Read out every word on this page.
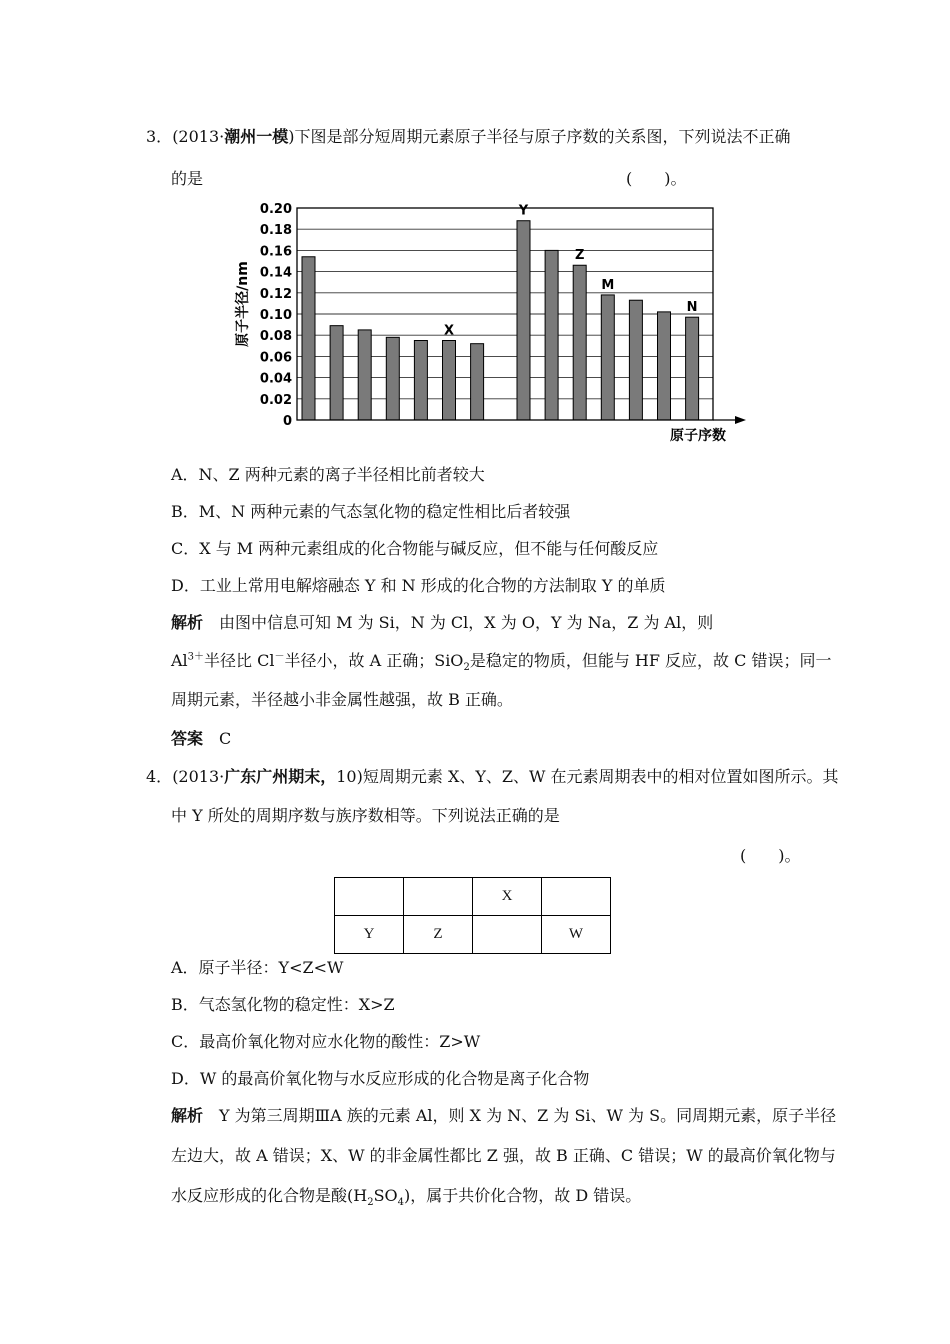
3．(2013·潮州一模)下图是部分短周期元素原子半径与原子序数的关系图，下列说法不正确
的是	(　　)。
0
0.02
0.04
0.06
0.08
0.10
0.12
0.14
0.16
0.18
0.20
X
Y
Z
M
N
原子半径/nm
原子序数
A．N、Z 两种元素的离子半径相比前者较大
B．M、N 两种元素的气态氢化物的稳定性相比后者较强
C．X 与 M 两种元素组成的化合物能与碱反应，但不能与任何酸反应
D．工业上常用电解熔融态 Y 和 N 形成的化合物的方法制取 Y 的单质
解析　 由图中信息可知 M 为 Si，N 为 Cl，X 为 O，Y 为 Na，Z 为 Al，则
$Al^{3+}$半径比 Cl－半径小，故 A 正确；SiO$_2$是稳定的物质，但能与 HF 反应，故 C 错误；同一
周期元素，半径越小非金属性越强，故 B 正确。
答案　 C
4．(2013·广东广州期末，10)短周期元素 X、Y、Z、W 在元素周期表中的相对位置如图所示。其
中 Y 所处的周期序数与族序数相等。下列说法正确的是
(　　)。
		X	
Y	Z		W
A．原子半径：Y<Z<W
B．气态氢化物的稳定性：X>Z
C．最高价氧化物对应水化物的酸性：Z>W
D．W 的最高价氧化物与水反应形成的化合物是离子化合物
解析　 Y 为第三周期ⅢA 族的元素 Al，则 X 为 N、Z 为 Si、W 为 S。同周期元素，原子半径
左边大，故 A 错误；X、W 的非金属性都比 Z 强，故 B 正确、C 错误；W 的最高价氧化物与
水反应形成的化合物是酸$(H_2SO_4)$，属于共价化合物，故 D 错误。
